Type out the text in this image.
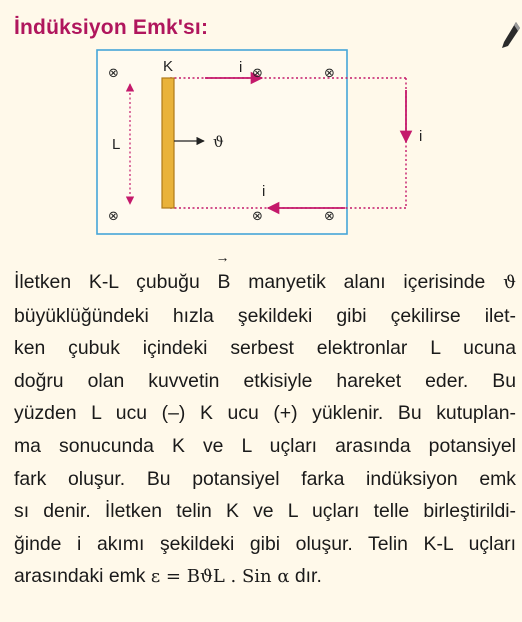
İndüksiyon Emk'sı:
K
L
i
i
i
ϑ
⊗	⊗	⊗
⊗	⊗	⊗
İletken K-L çubuğu
→
B manyetik alanı içerisinde ϑ
büyüklüğündeki hızla şekildeki gibi çekilirse ilet-
ken çubuk içindeki serbest elektronlar L ucuna
doğru olan kuvvetin etkisiyle hareket eder. Bu
yüzden L ucu (–) K ucu (+) yüklenir. Bu kutuplan-
ma sonucunda K ve L uçları arasında potansiyel
fark oluşur. Bu potansiyel farka indüksiyon emk
sı denir. İletken telin K ve L uçları telle birleştirildi-
ğinde i akımı şekildeki gibi oluşur. Telin K-L uçları
arasındaki emk ε = BϑL . Sin α dır.
